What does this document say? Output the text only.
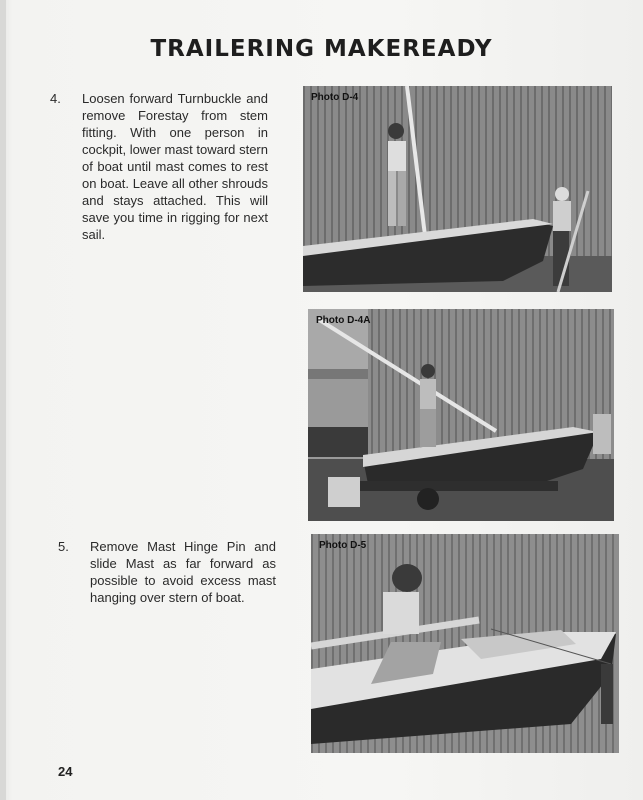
TRAILERING MAKEREADY
4. Loosen forward Turnbuckle and remove Forestay from stem fitting. With one person in cockpit, lower mast toward stern of boat until mast comes to rest on boat. Leave all other shrouds and stays attached. This will save you time in rigging for next sail.
5. Remove Mast Hinge Pin and slide Mast as far forward as possible to avoid excess mast hanging over stern of boat.
Photo D-4
Photo D-4A
Photo D-5
24
